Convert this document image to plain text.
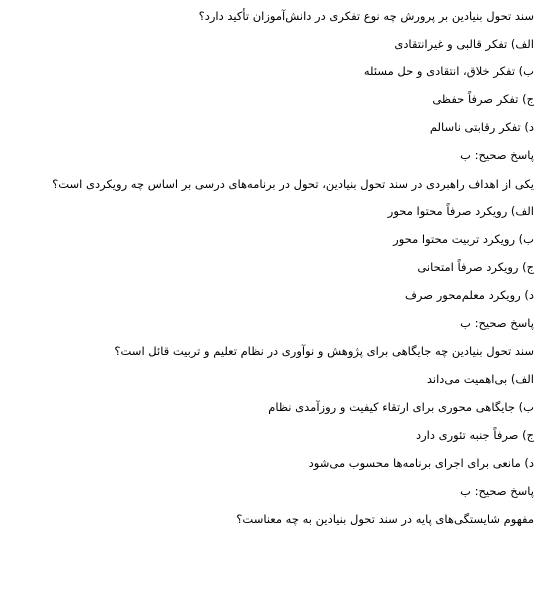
سند تحول بنیادین بر پرورش چه نوع تفکری در دانش‌آموزان تأکید دارد؟
الف) تفکر قالبی و غیرانتقادی
ب) تفکر خلاق، انتقادی و حل مسئله
ج) تفکر صرفاً حفظی
د) تفکر رقابتی ناسالم
پاسخ صحیح: ب
یکی از اهداف راهبردی در سند تحول بنیادین، تحول در برنامه‌های درسی بر اساس چه رویکردی است؟
الف) رویکرد صرفاً محتوا محور
ب) رویکرد تربیت محتوا محور
ج) رویکرد صرفاً امتحانی
د) رویکرد معلم‌محور صرف
پاسخ صحیح: ب
سند تحول بنیادین چه جایگاهی برای پژوهش و نوآوری در نظام تعلیم و تربیت قائل است؟
الف) بی‌اهمیت می‌داند
ب) جایگاهی محوری برای ارتقاء کیفیت و روزآمدی نظام
ج) صرفاً جنبه تئوری دارد
د) مانعی برای اجرای برنامه‌ها محسوب می‌شود
پاسخ صحیح: ب
مفهوم شایستگی‌های پایه در سند تحول بنیادین به چه معناست؟
